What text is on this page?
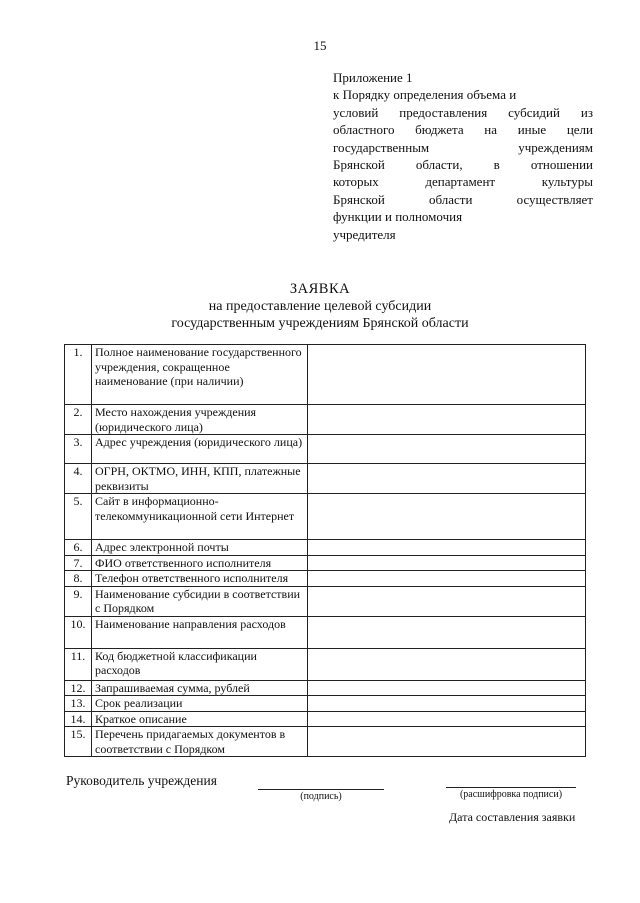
15
Приложение 1
к Порядку определения объема и
условий предоставления субсидий из
областного бюджета на иные цели
государственным учреждениям
Брянской области, в отношении
которых департамент культуры
Брянской области осуществляет
функции и полномочия
учредителя
ЗАЯВКА
на предоставление целевой субсидии
государственным учреждениям Брянской области
1.	Полное наименование государственного учреждения, сокращенное наименование (при наличии)	
2.	Место нахождения учреждения (юридического лица)	
3.	Адрес учреждения (юридического лица)	
4.	ОГРН, ОКТМО, ИНН, КПП, платежные реквизиты	
5.	Сайт в информационно-телекоммуникационной сети Интернет	
6.	Адрес электронной почты	
7.	ФИО ответственного исполнителя	
8.	Телефон ответственного исполнителя	
9.	Наименование субсидии в соответствии с Порядком	
10.	Наименование направления расходов	
11.	Код бюджетной классификации расходов	
12.	Запрашиваемая сумма, рублей	
13.	Срок реализации	
14.	Краткое описание	
15.	Перечень придагаемых документов в соответствии с Порядком	
Руководитель учреждения
(подпись)	(расшифровка подписи)
Дата составления заявки
